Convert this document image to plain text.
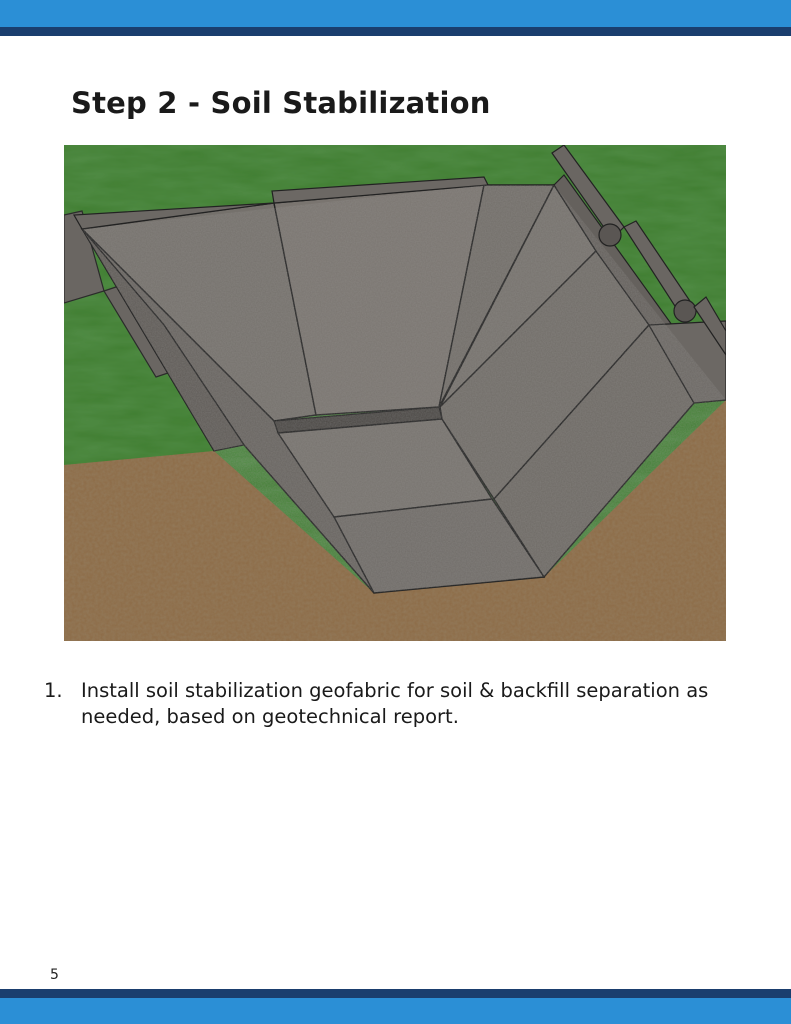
Step 2 - Soil Stabilization
1. Install soil stabilization geofabric for soil & backfill separation as needed, based on geotechnical report.
5
